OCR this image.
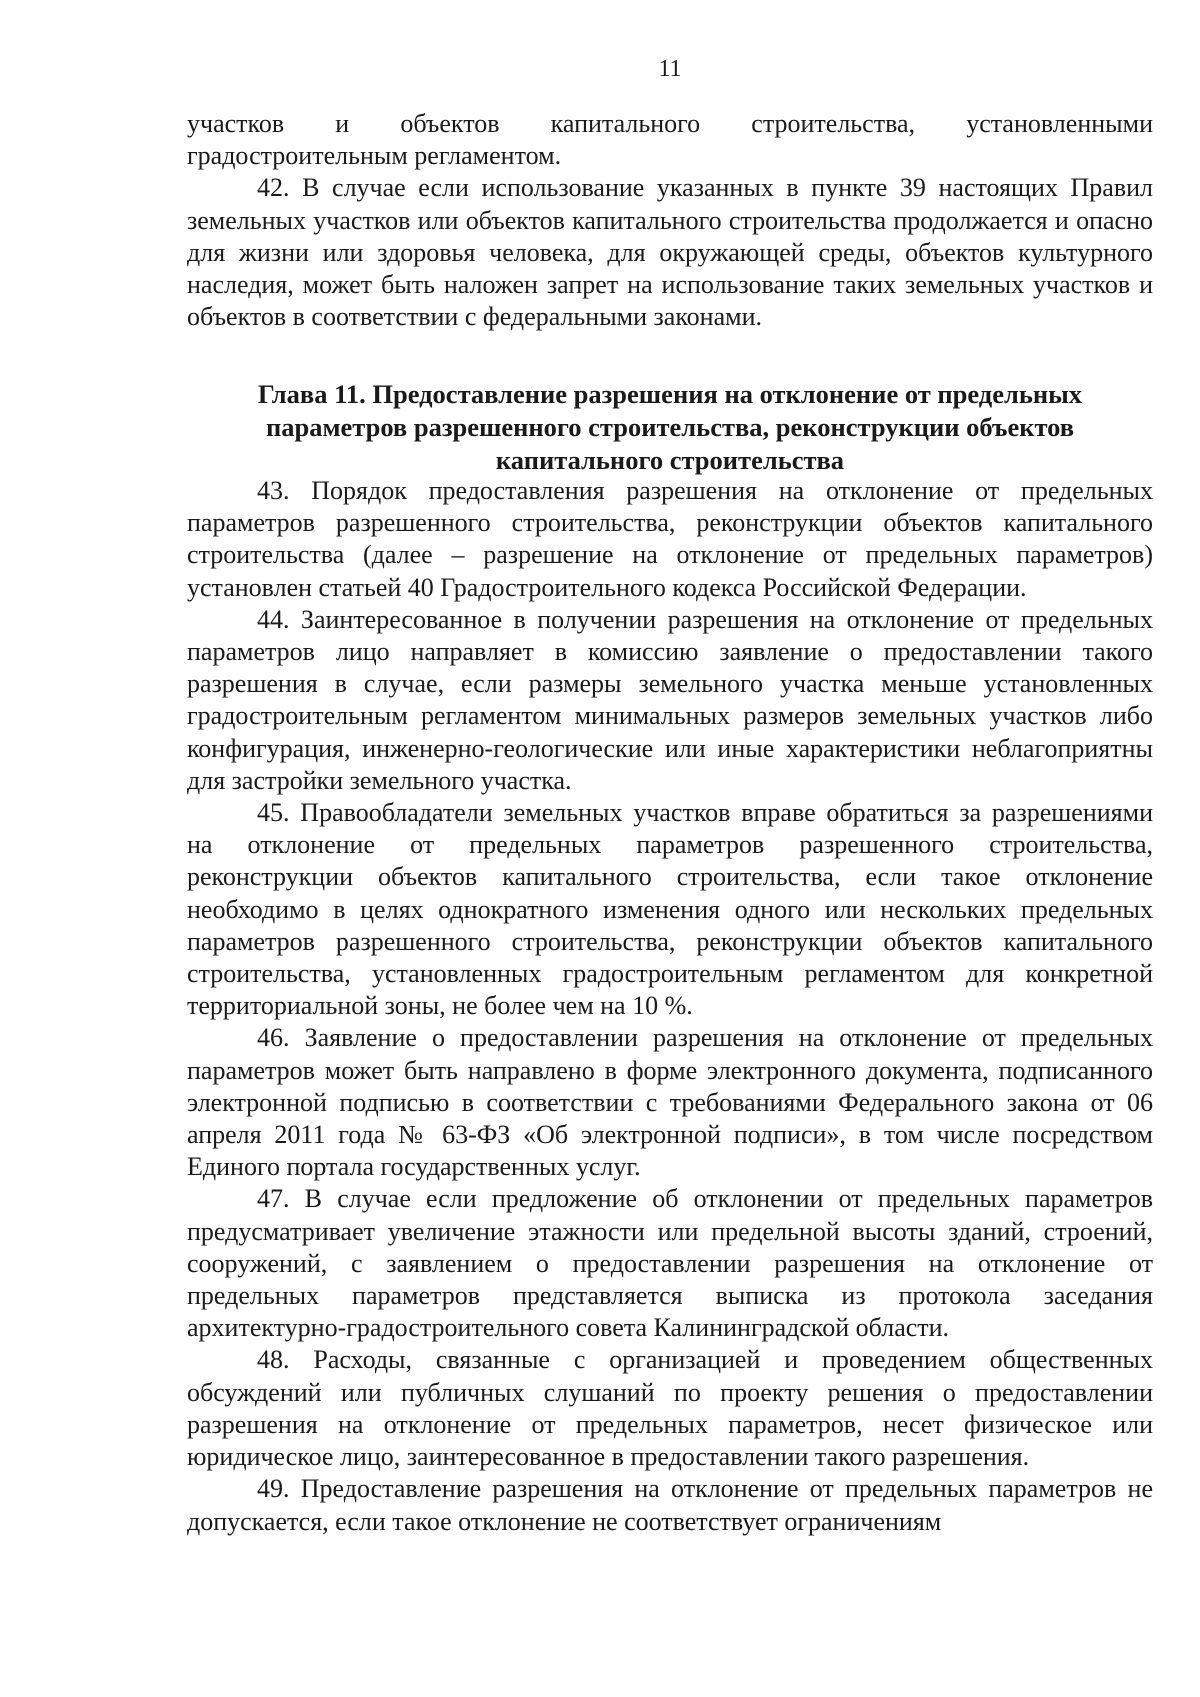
11

участков и объектов капитального строительства, установленными градостроительным регламентом.

42. В случае если использование указанных в пункте 39 настоящих Правил земельных участков или объектов капитального строительства продолжается и опасно для жизни или здоровья человека, для окружающей среды, объектов культурного наследия, может быть наложен запрет на использование таких земельных участков и объектов в соответствии с федеральными законами.

Глава 11. Предоставление разрешения на отклонение от предельных параметров разрешенного строительства, реконструкции объектов капитального строительства

43. Порядок предоставления разрешения на отклонение от предельных параметров разрешенного строительства, реконструкции объектов капитального строительства (далее – разрешение на отклонение от предельных параметров) установлен статьей 40 Градостроительного кодекса Российской Федерации.

44. Заинтересованное в получении разрешения на отклонение от предельных параметров лицо направляет в комиссию заявление о предоставлении такого разрешения в случае, если размеры земельного участка меньше установленных градостроительным регламентом минимальных размеров земельных участков либо конфигурация, инженерно-геологические или иные характеристики неблагоприятны для застройки земельного участка.

45. Правообладатели земельных участков вправе обратиться за разрешениями на отклонение от предельных параметров разрешенного строительства, реконструкции объектов капитального строительства, если такое отклонение необходимо в целях однократного изменения одного или нескольких предельных параметров разрешенного строительства, реконструкции объектов капитального строительства, установленных градостроительным регламентом для конкретной территориальной зоны, не более чем на 10 %.

46. Заявление о предоставлении разрешения на отклонение от предельных параметров может быть направлено в форме электронного документа, подписанного электронной подписью в соответствии с требованиями Федерального закона от 06 апреля 2011 года № 63-ФЗ «Об электронной подписи», в том числе посредством Единого портала государственных услуг.

47. В случае если предложение об отклонении от предельных параметров предусматривает увеличение этажности или предельной высоты зданий, строений, сооружений, с заявлением о предоставлении разрешения на отклонение от предельных параметров представляется выписка из протокола заседания архитектурно-градостроительного совета Калининградской области.

48. Расходы, связанные с организацией и проведением общественных обсуждений или публичных слушаний по проекту решения о предоставлении разрешения на отклонение от предельных параметров, несет физическое или юридическое лицо, заинтересованное в предоставлении такого разрешения.

49. Предоставление разрешения на отклонение от предельных параметров не допускается, если такое отклонение не соответствует ограничениям
